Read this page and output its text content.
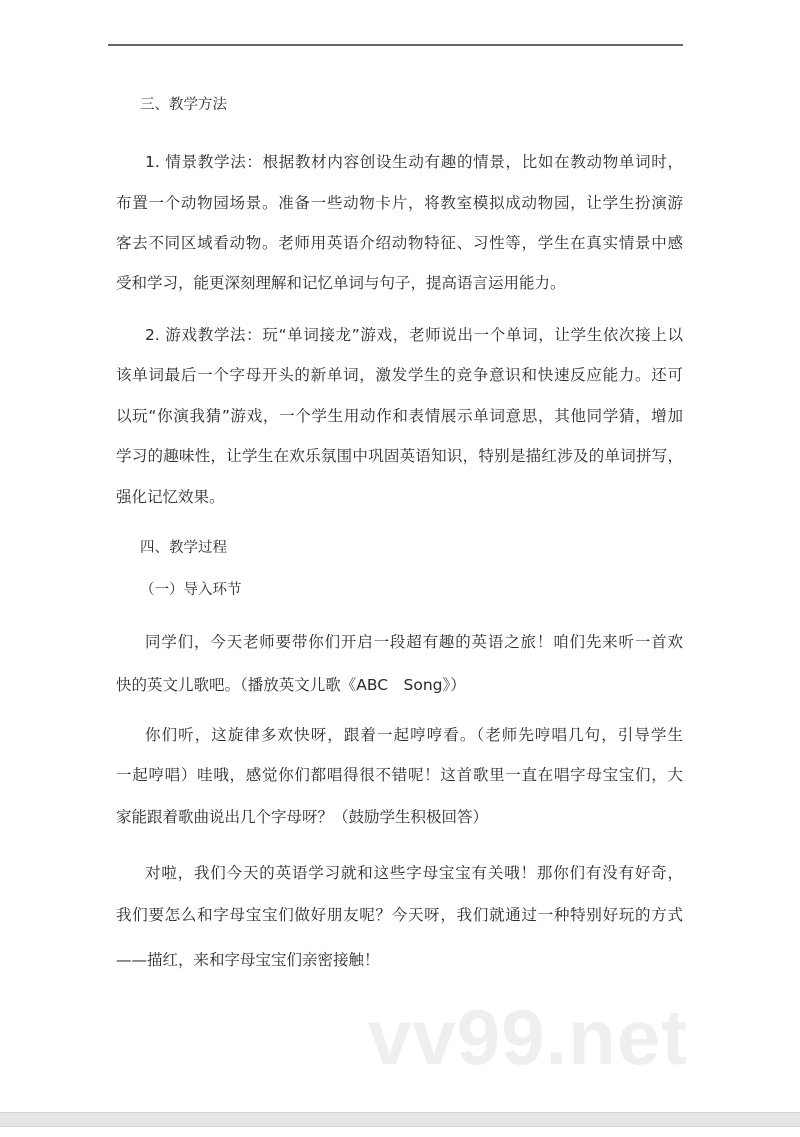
三、教学方法
1. 情景教学法：根据教材内容创设生动有趣的情景，比如在教动物单词时，
布置一个动物园场景。准备一些动物卡片，将教室模拟成动物园，让学生扮演游
客去不同区域看动物。老师用英语介绍动物特征、习性等，学生在真实情景中感
受和学习，能更深刻理解和记忆单词与句子，提高语言运用能力。
2. 游戏教学法：玩“单词接龙”游戏，老师说出一个单词，让学生依次接上以
该单词最后一个字母开头的新单词，激发学生的竞争意识和快速反应能力。还可
以玩“你演我猜”游戏，一个学生用动作和表情展示单词意思，其他同学猜，增加
学习的趣味性，让学生在欢乐氛围中巩固英语知识，特别是描红涉及的单词拼写，
强化记忆效果。
四、教学过程
（一）导入环节
同学们，今天老师要带你们开启一段超有趣的英语之旅！咱们先来听一首欢
快的英文儿歌吧。（播放英文儿歌《ABC　Song》）
你们听，这旋律多欢快呀，跟着一起哼哼看。（老师先哼唱几句，引导学生
一起哼唱）哇哦，感觉你们都唱得很不错呢！这首歌里一直在唱字母宝宝们，大
家能跟着歌曲说出几个字母呀？（鼓励学生积极回答）
对啦，我们今天的英语学习就和这些字母宝宝有关哦！那你们有没有好奇，
我们要怎么和字母宝宝们做好朋友呢？今天呀，我们就通过一种特别好玩的方式
——描红，来和字母宝宝们亲密接触！
vv99.net
